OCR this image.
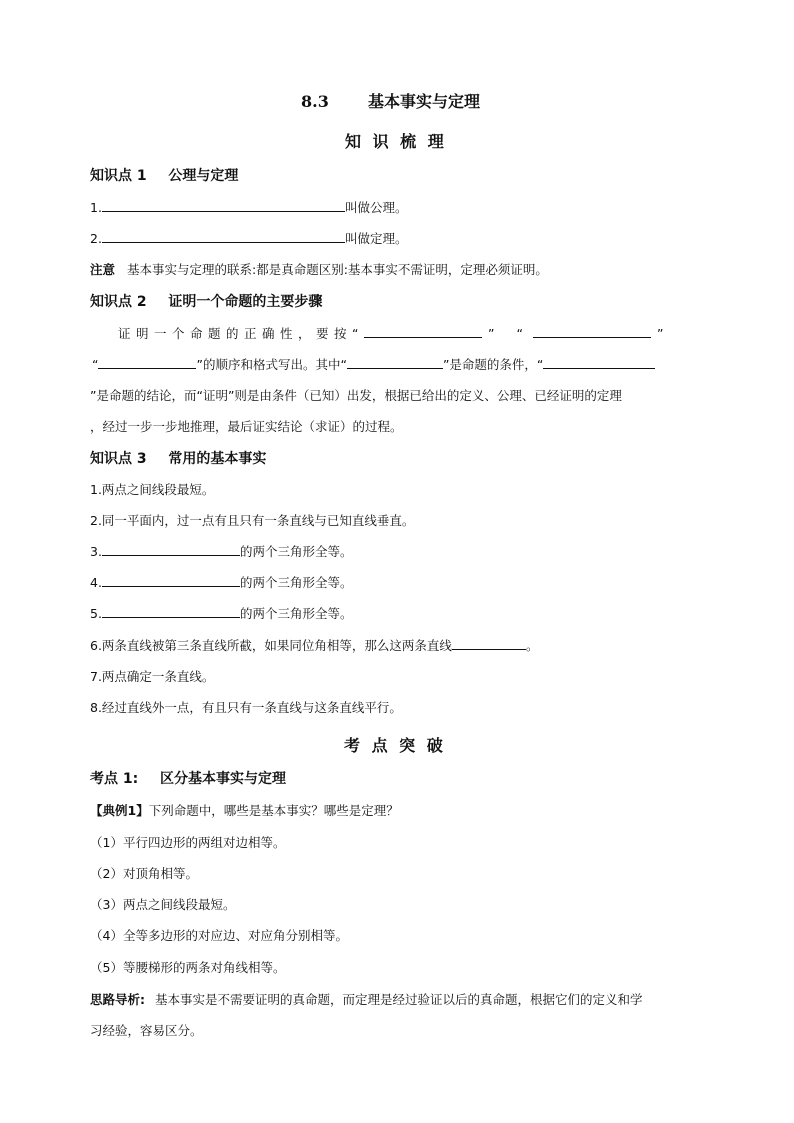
8.3 基本事实与定理
知 识 梳 理
知识点 1 公理与定理
1.	叫做公理。
2.	叫做定理。
注意 基本事实与定理的联系:都是真命题区别:基本事实不需证明，定理必须证明。
知识点 2 证明一个命题的主要步骤
证明一个命题的正确性，要按“	” “	”
“	”的顺序和格式写出。其中“	”是命题的条件，“
”是命题的结论，而“证明”则是由条件（已知）出发，根据已给出的定义、公理、已经证明的定理
，经过一步一步地推理，最后证实结论（求证）的过程。
知识点 3 常用的基本事实
1.两点之间线段最短。
2.同一平面内，过一点有且只有一条直线与已知直线垂直。
3.	的两个三角形全等。
4.	的两个三角形全等。
5.	的两个三角形全等。
6.两条直线被第三条直线所截，如果同位角相等，那么这两条直线	。
7.两点确定一条直线。
8.经过直线外一点，有且只有一条直线与这条直线平行。
考 点 突 破
考点 1: 区分基本事实与定理
【典例1】下列命题中，哪些是基本事实？哪些是定理？
（1）平行四边形的两组对边相等。
（2）对顶角相等。
（3）两点之间线段最短。
（4）全等多边形的对应边、对应角分别相等。
（5）等腰梯形的两条对角线相等。
思路导析: 基本事实是不需要证明的真命题，而定理是经过验证以后的真命题，根据它们的定义和学
习经验，容易区分。
